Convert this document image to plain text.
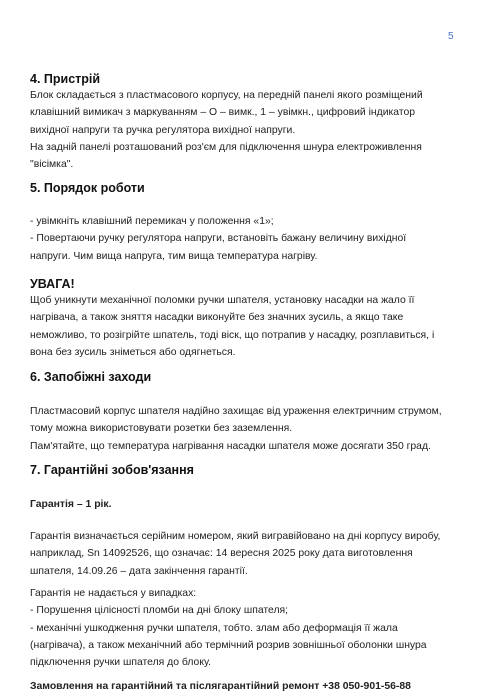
5
4. Пристрій
Блок складається з пластмасового корпусу, на передній панелі якого розміщений
клавішний вимикач з маркуванням – О – вимк., 1 – увімкн., цифровий індикатор
вихідної напруги та ручка регулятора вихідної напруги.
На задній панелі розташований роз'єм для підключення шнура електроживлення
"вісімка".
5. Порядок роботи
- увімкніть клавішний перемикач у положення «1»;
- Повертаючи ручку регулятора напруги, встановіть бажану величину вихідної
напруги. Чим вища напруга, тим вища температура нагріву.
УВАГА!
Щоб уникнути механічної поломки ручки шпателя, установку насадки на жало її
нагрівача, а також зняття насадки виконуйте без значних зусиль, а якщо таке
неможливо, то розігрійте шпатель, тоді віск, що потрапив у насадку, розплавиться, і
вона без зусиль зніметься або одягнеться.
6. Запобіжні заходи
Пластмасовий корпус шпателя надійно захищає від ураження електричним струмом,
тому можна використовувати розетки без заземлення.
Пам'ятайте, що температура нагрівання насадки шпателя може досягати 350 град.
7. Гарантійні зобов'язання
Гарантія – 1 рік.
Гарантія визначається серійним номером, який вигравійовано на дні корпусу виробу,
наприклад, Sn 14092526, що означає: 14 вересня 2025 року дата виготовлення
шпателя, 14.09.26 – дата закінчення гарантії.
Гарантія не надається у випадках:
- Порушення цілісності пломби на дні блоку шпателя;
- механічні ушкодження ручки шпателя, тобто. злам або деформація її жала
(нагрівача), а також механічний або термічний розрив зовнішньої оболонки шнура
підключення ручки шпателя до блоку.
Замовлення на гарантійний та післягарантійний ремонт +38 050-901-56-88
